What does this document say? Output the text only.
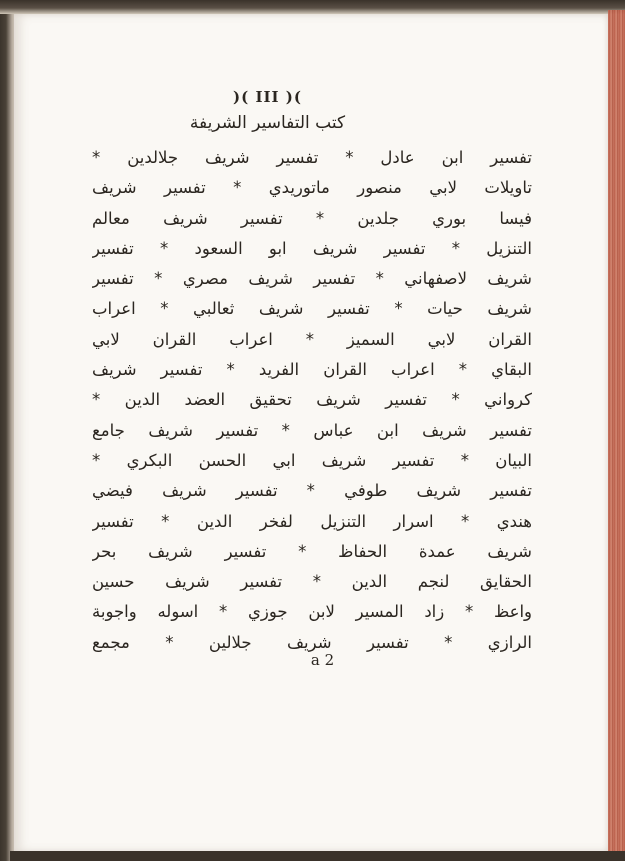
)( III )(
كتب التفاسير الشريفة
تفسير ابن عادل * تفسير شريف جلالدين *
تاويلات لابي منصور ماتوريدي * تفسير شريف
فيسا بوري جلدين * تفسير شريف معالم
التنزيل * تفسير شريف ابو السعود * تفسير
شريف لاصفهاني * تفسير شريف مصري * تفسير
شريف حيات * تفسير شريف ثعالبي * اعراب
القران لابي السميز * اعراب القران لابي
البقاي * اعراب القران الفريد * تفسير شريف
كرواني * تفسير شريف تحقيق العضد الدين *
تفسير شريف ابن عباس * تفسير شريف جامع
البيان * تفسير شريف ابي الحسن البكري *
تفسير شريف طوفي * تفسير شريف فيضي
هندي * اسرار التنزيل لفخر الدين * تفسير
شريف عمدة الحفاظ * تفسير شريف بحر
الحقايق لنجم الدين * تفسير شريف حسين
واعظ * زاد المسير لابن جوزي * اسوله واجوبة
الرازي * تفسير شريف جلالين * مجمع
a 2
